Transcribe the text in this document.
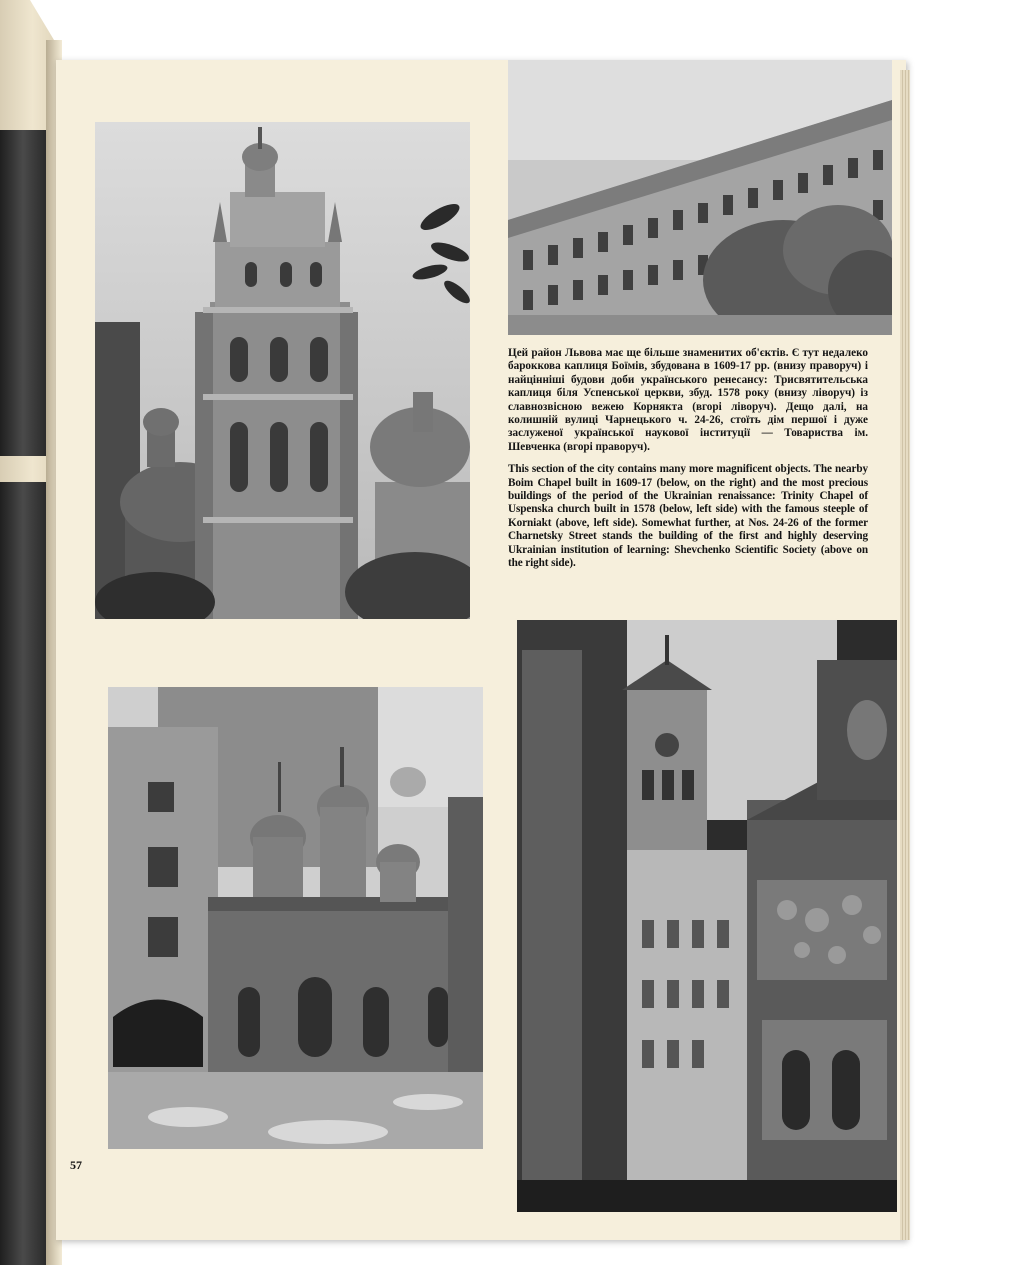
Цей район Львова має ще більше знаменитих об'єктів. Є тут недалеко бароккова каплиця Боїмів, збудована в 1609-17 рр. (внизу праворуч) і найцінніші будови доби українського ренесансу: Трисвятительська каплиця біля Успенської церкви, збуд. 1578 року (внизу ліворуч) із славнозвісною вежею Корнякта (вгорі ліворуч). Дещо далі, на колишній вулиці Чарнецького ч. 24-26, стоїть дім першої і дуже заслуженої української наукової інституції — Товариства ім. Шевченка (вгорі праворуч).

This section of the city contains many more magnificent objects. The nearby Boim Chapel built in 1609-17 (below, on the right) and the most precious buildings of the period of the Ukrainian renaissance: Trinity Chapel of Uspenska church built in 1578 (below, left side) with the famous steeple of Korniakt (above, left side). Somewhat further, at Nos. 24-26 of the former Charnetsky Street stands the building of the first and highly deserving Ukrainian institution of learning: Shevchenko Scientific Society (above on the right side).

57
